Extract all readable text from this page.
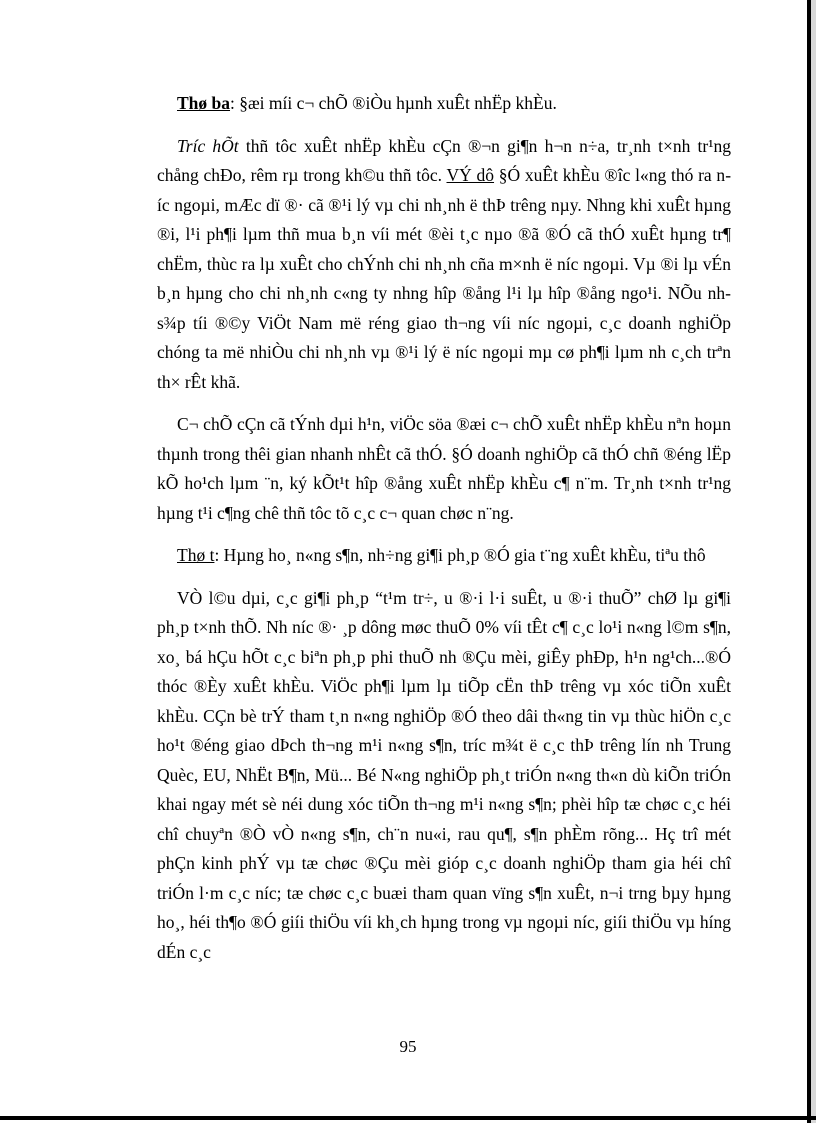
Thø ba: §æi míi c¬ chÕ ®iÒu hµnh xuÊt nhËp khÈu.

Tríc hÕt thñ tôc xuÊt nhËp khÈu cÇn ®¬n gi¶n h¬n n÷a, tr¸nh t×nh tr¹ng chång chÐo, rêm rµ trong kh©u thñ tôc. VÝ dô §Ó xuÊt khÈu ®îc l«ng thó ra níc ngoµi, mÆc dï ®· cã ®¹i lý vµ chi nh¸nh ë thÞ trêng nµy. Nhng khi xuÊt hµng ®i, l¹i ph¶i lµm thñ mua b¸n víi mét ®èi t¸c nµo ®ã ®Ó cã thÓ xuÊt hµng tr¶ chËm, thùc ra lµ xuÊt cho chÝnh chi nh¸nh cña m×nh ë níc ngoµi. Vµ ®i lµ vÉn b¸n hµng cho chi nh¸nh c«ng ty nhng hîp ®ång l¹i lµ hîp ®ång ngo¹i. NÕu nh s¾p tíi ®©y ViÖt Nam më réng giao th¬ng víi níc ngoµi, c¸c doanh nghiÖp chóng ta më nhiÒu chi nh¸nh vµ ®¹i lý ë níc ngoµi mµ cø ph¶i lµm nh c¸ch trªn th× rÊt khã.

C¬ chÕ cÇn cã tÝnh dµi h¹n, viÖc söa ®æi c¬ chÕ xuÊt nhËp khÈu nªn hoµn thµnh trong thêi gian nhanh nhÊt cã thÓ. §Ó doanh nghiÖp cã thÓ chñ ®éng lËp kÕ ho¹ch lµm ¨n, ký kÕt¹t hîp ®ång xuÊt nhËp khÈu c¶ n¨m. Tr¸nh t×nh tr¹ng hµng t¹i c¶ng chê thñ tôc tõ c¸c c¬ quan chøc n¨ng.

Thø t: Hµng ho¸ n«ng s¶n, nh÷ng gi¶i ph¸p ®Ó gia t¨ng xuÊt khÈu, tiªu thô

VÒ l©u dµi, c¸c gi¶i ph¸p “t¹m tr÷, u ®·i l·i suÊt, u ®·i thuÕ” chØ lµ gi¶i ph¸p t×nh thÕ. Nh níc ®· ¸p dông møc thuÕ 0% víi tÊt c¶ c¸c lo¹i n«ng l©m s¶n, xo¸ bá hÇu hÕt c¸c biªn ph¸p phi thuÕ nh ®Çu mèi, giÊy phÐp, h¹n ng¹ch...®Ó thóc ®Èy xuÊt khÈu. ViÖc ph¶i lµm lµ tiÕp cËn thÞ trêng vµ xóc tiÕn xuÊt khÈu. CÇn bè trÝ tham t¸n n«ng nghiÖp ®Ó theo dâi th«ng tin vµ thùc hiÖn c¸c ho¹t ®éng giao dÞch th¬ng m¹i n«ng s¶n, tríc m¾t ë c¸c thÞ trêng lín nh Trung Quèc, EU, NhËt B¶n, Mü... Bé N«ng nghiÖp ph¸t triÓn n«ng th«n dù kiÕn triÓn khai ngay mét sè néi dung xóc tiÕn th¬ng m¹i n«ng s¶n; phèi hîp tæ chøc c¸c héi chî chuyªn ®Ò vÒ n«ng s¶n, ch¨n nu«i, rau qu¶, s¶n phÈm rõng... Hç trî mét phÇn kinh phÝ vµ tæ chøc ®Çu mèi gióp c¸c doanh nghiÖp tham gia héi chî triÓn l·m c¸c níc; tæ chøc c¸c buæi tham quan vïng s¶n xuÊt, n¬i trng bµy hµng ho¸, héi th¶o ®Ó giíi thiÖu víi kh¸ch hµng trong vµ ngoµi níc, giíi thiÖu vµ híng dÉn c¸c

95
